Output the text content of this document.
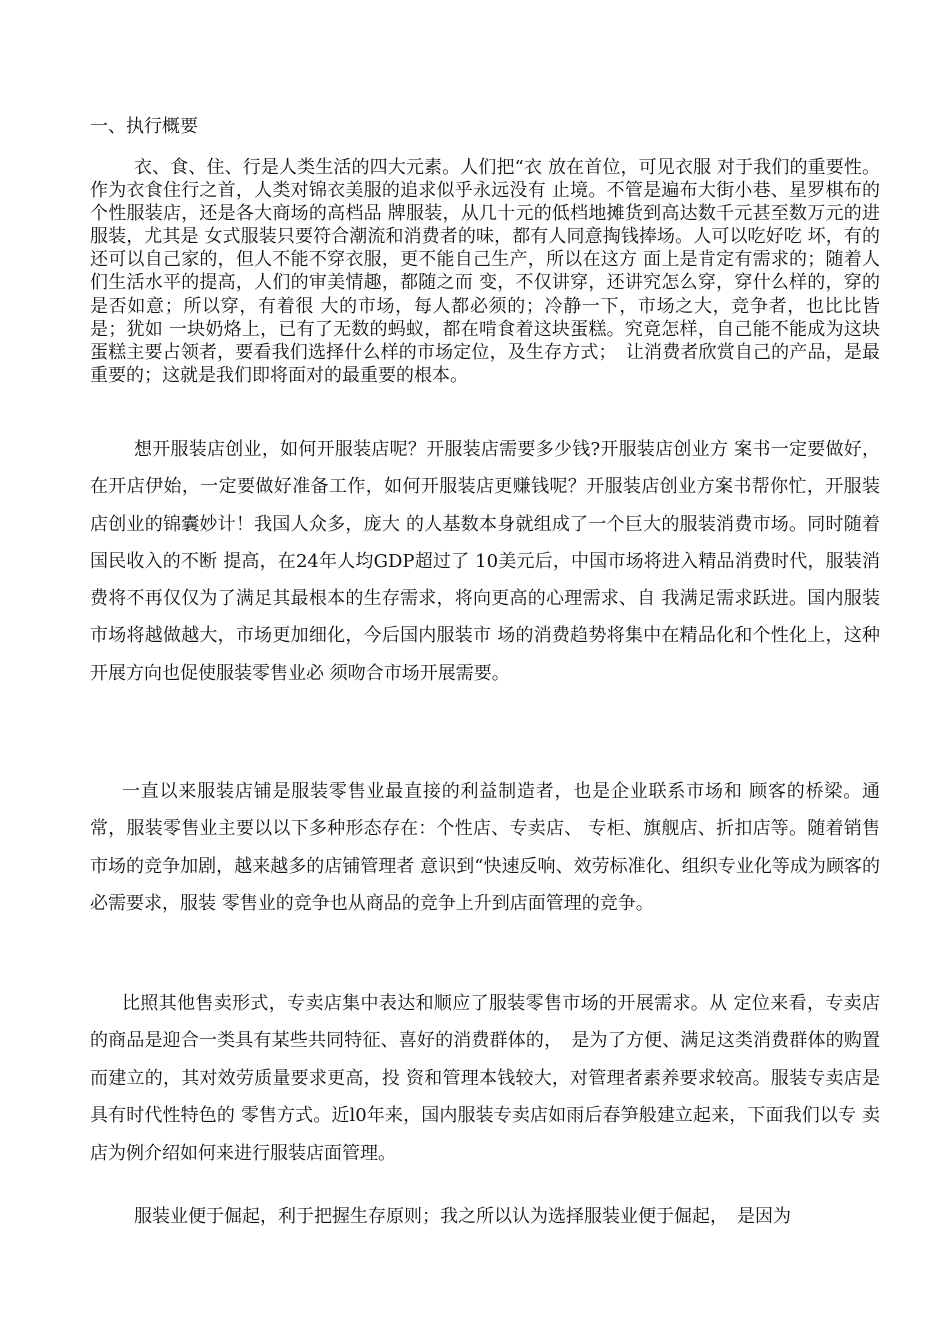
一、执行概要

衣、食、住、行是人类生活的四大元素。人们把“衣 放在首位，可见衣服 对于我们的重要性。作为衣食住行之首，人类对锦衣美服的追求似乎永远没有 止境。不管是遍布大街小巷、星罗棋布的个性服装店，还是各大商场的高档品 牌服装，从几十元的低档地摊货到高达数千元甚至数万元的进服装，尤其是 女式服装只要符合潮流和消费者的味，都有人同意掏钱捧场。人可以吃好吃 坏，有的还可以自己家的，但人不能不穿衣服，更不能自己生产，所以在这方 面上是肯定有需求的；随着人们生活水平的提高，人们的审美情趣，都随之而 变，不仅讲穿，还讲究怎么穿，穿什么样的，穿的是否如意；所以穿，有着很 大的市场，每人都必须的；冷静一下，市场之大，竞争者，也比比皆是；犹如 一块奶烙上，已有了无数的蚂蚁，都在啃食着这块蛋糕。究竟怎样，自己能不能成为这块蛋糕主要占领者，要看我们选择什么样的市场定位，及生存方式；　让消费者欣赏自己的产品，是最重要的；这就是我们即将面对的最重要的根本。

想开服装店创业，如何开服装店呢？开服装店需要多少钱?开服装店创业方 案书一定要做好，在开店伊始，一定要做好准备工作，如何开服装店更赚钱呢？开服装店创业方案书帮你忙，开服装店创业的锦囊妙计！我国人众多，庞大 的人基数本身就组成了一个巨大的服装消费市场。同时随着国民收入的不断 提高，在24年人均GDP超过了 10美元后，中国市场将进入精品消费时代，服装消费将不再仅仅为了满足其最根本的生存需求，将向更高的心理需求、自 我满足需求跃进。国内服装市场将越做越大，市场更加细化，今后国内服装市 场的消费趋势将集中在精品化和个性化上，这种开展方向也促使服装零售业必 须吻合市场开展需要。

一直以来服装店铺是服装零售业最直接的利益制造者，也是企业联系市场和 顾客的桥梁。通常，服装零售业主要以以下多种形态存在：个性店、专卖店、 专柜、旗舰店、折扣店等。随着销售市场的竞争加剧，越来越多的店铺管理者 意识到“快速反响、效劳标准化、组织专业化等成为顾客的必需要求，服装 零售业的竞争也从商品的竞争上升到店面管理的竞争。

比照其他售卖形式，专卖店集中表达和顺应了服装零售市场的开展需求。从 定位来看，专卖店的商品是迎合一类具有某些共同特征、喜好的消费群体的，　是为了方便、满足这类消费群体的购置而建立的，其对效劳质量要求更高，投 资和管理本钱较大，对管理者素养要求较高。服装专卖店是具有时代性特色的 零售方式。近l0年来，国内服装专卖店如雨后春笋般建立起来，下面我们以专 卖店为例介绍如何来进行服装店面管理。

服装业便于倔起，利于把握生存原则；我之所以认为选择服装业便于倔起，　是因为
